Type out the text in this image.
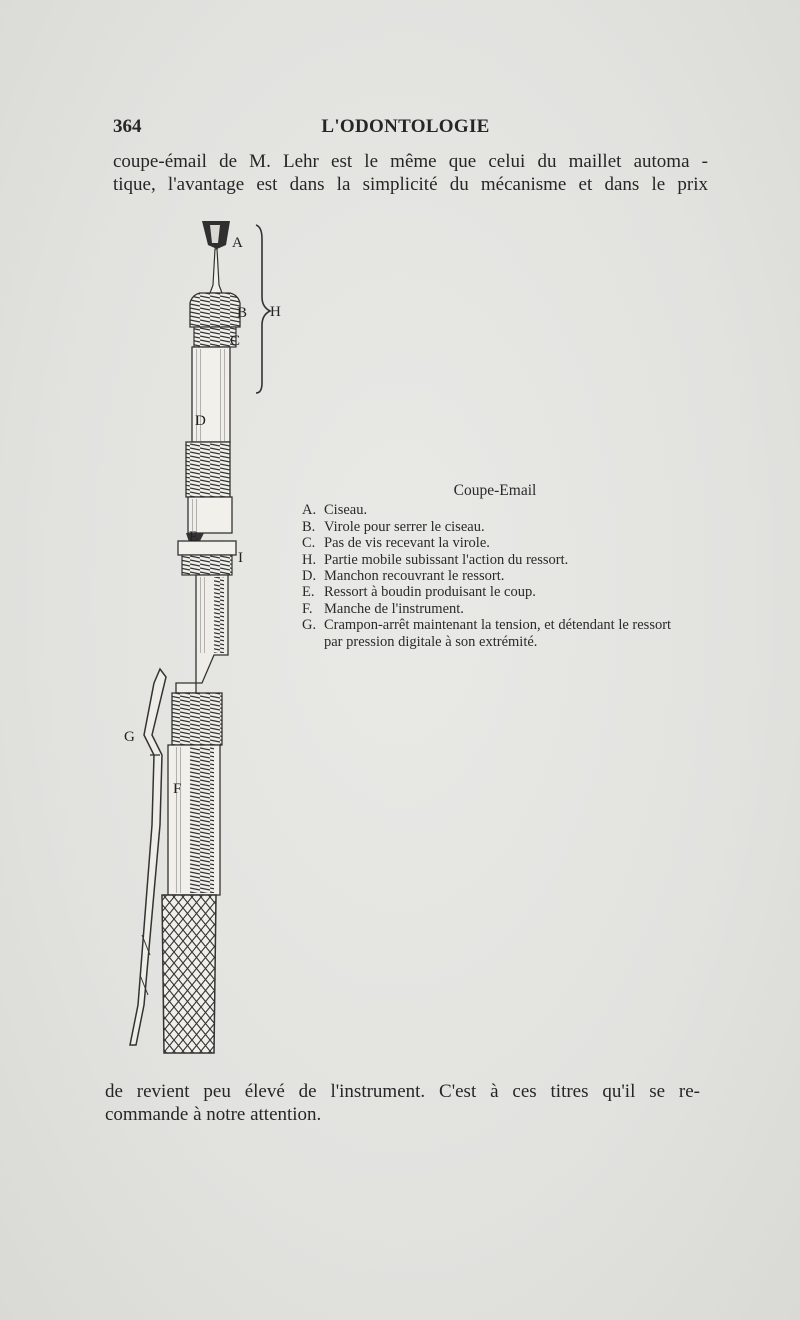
364	L'ODONTOLOGIE
coupe-émail de M. Lehr est le même que celui du maillet automa -
tique, l'avantage est dans la simplicité du mécanisme et dans le prix
A
B
C
D
E
F
G
H
I
Coupe-Email
A. Ciseau.
B. Virole pour serrer le ciseau.
C. Pas de vis recevant la virole.
H. Partie mobile subissant l'action du ressort.
D. Manchon recouvrant le ressort.
E. Ressort à boudin produisant le coup.
F. Manche de l'instrument.
G. Crampon-arrêt maintenant la tension, et détendant le ressort par pression digitale à son extrémité.
de revient peu élevé de l'instrument. C'est à ces titres qu'il se re-
commande à notre attention.
